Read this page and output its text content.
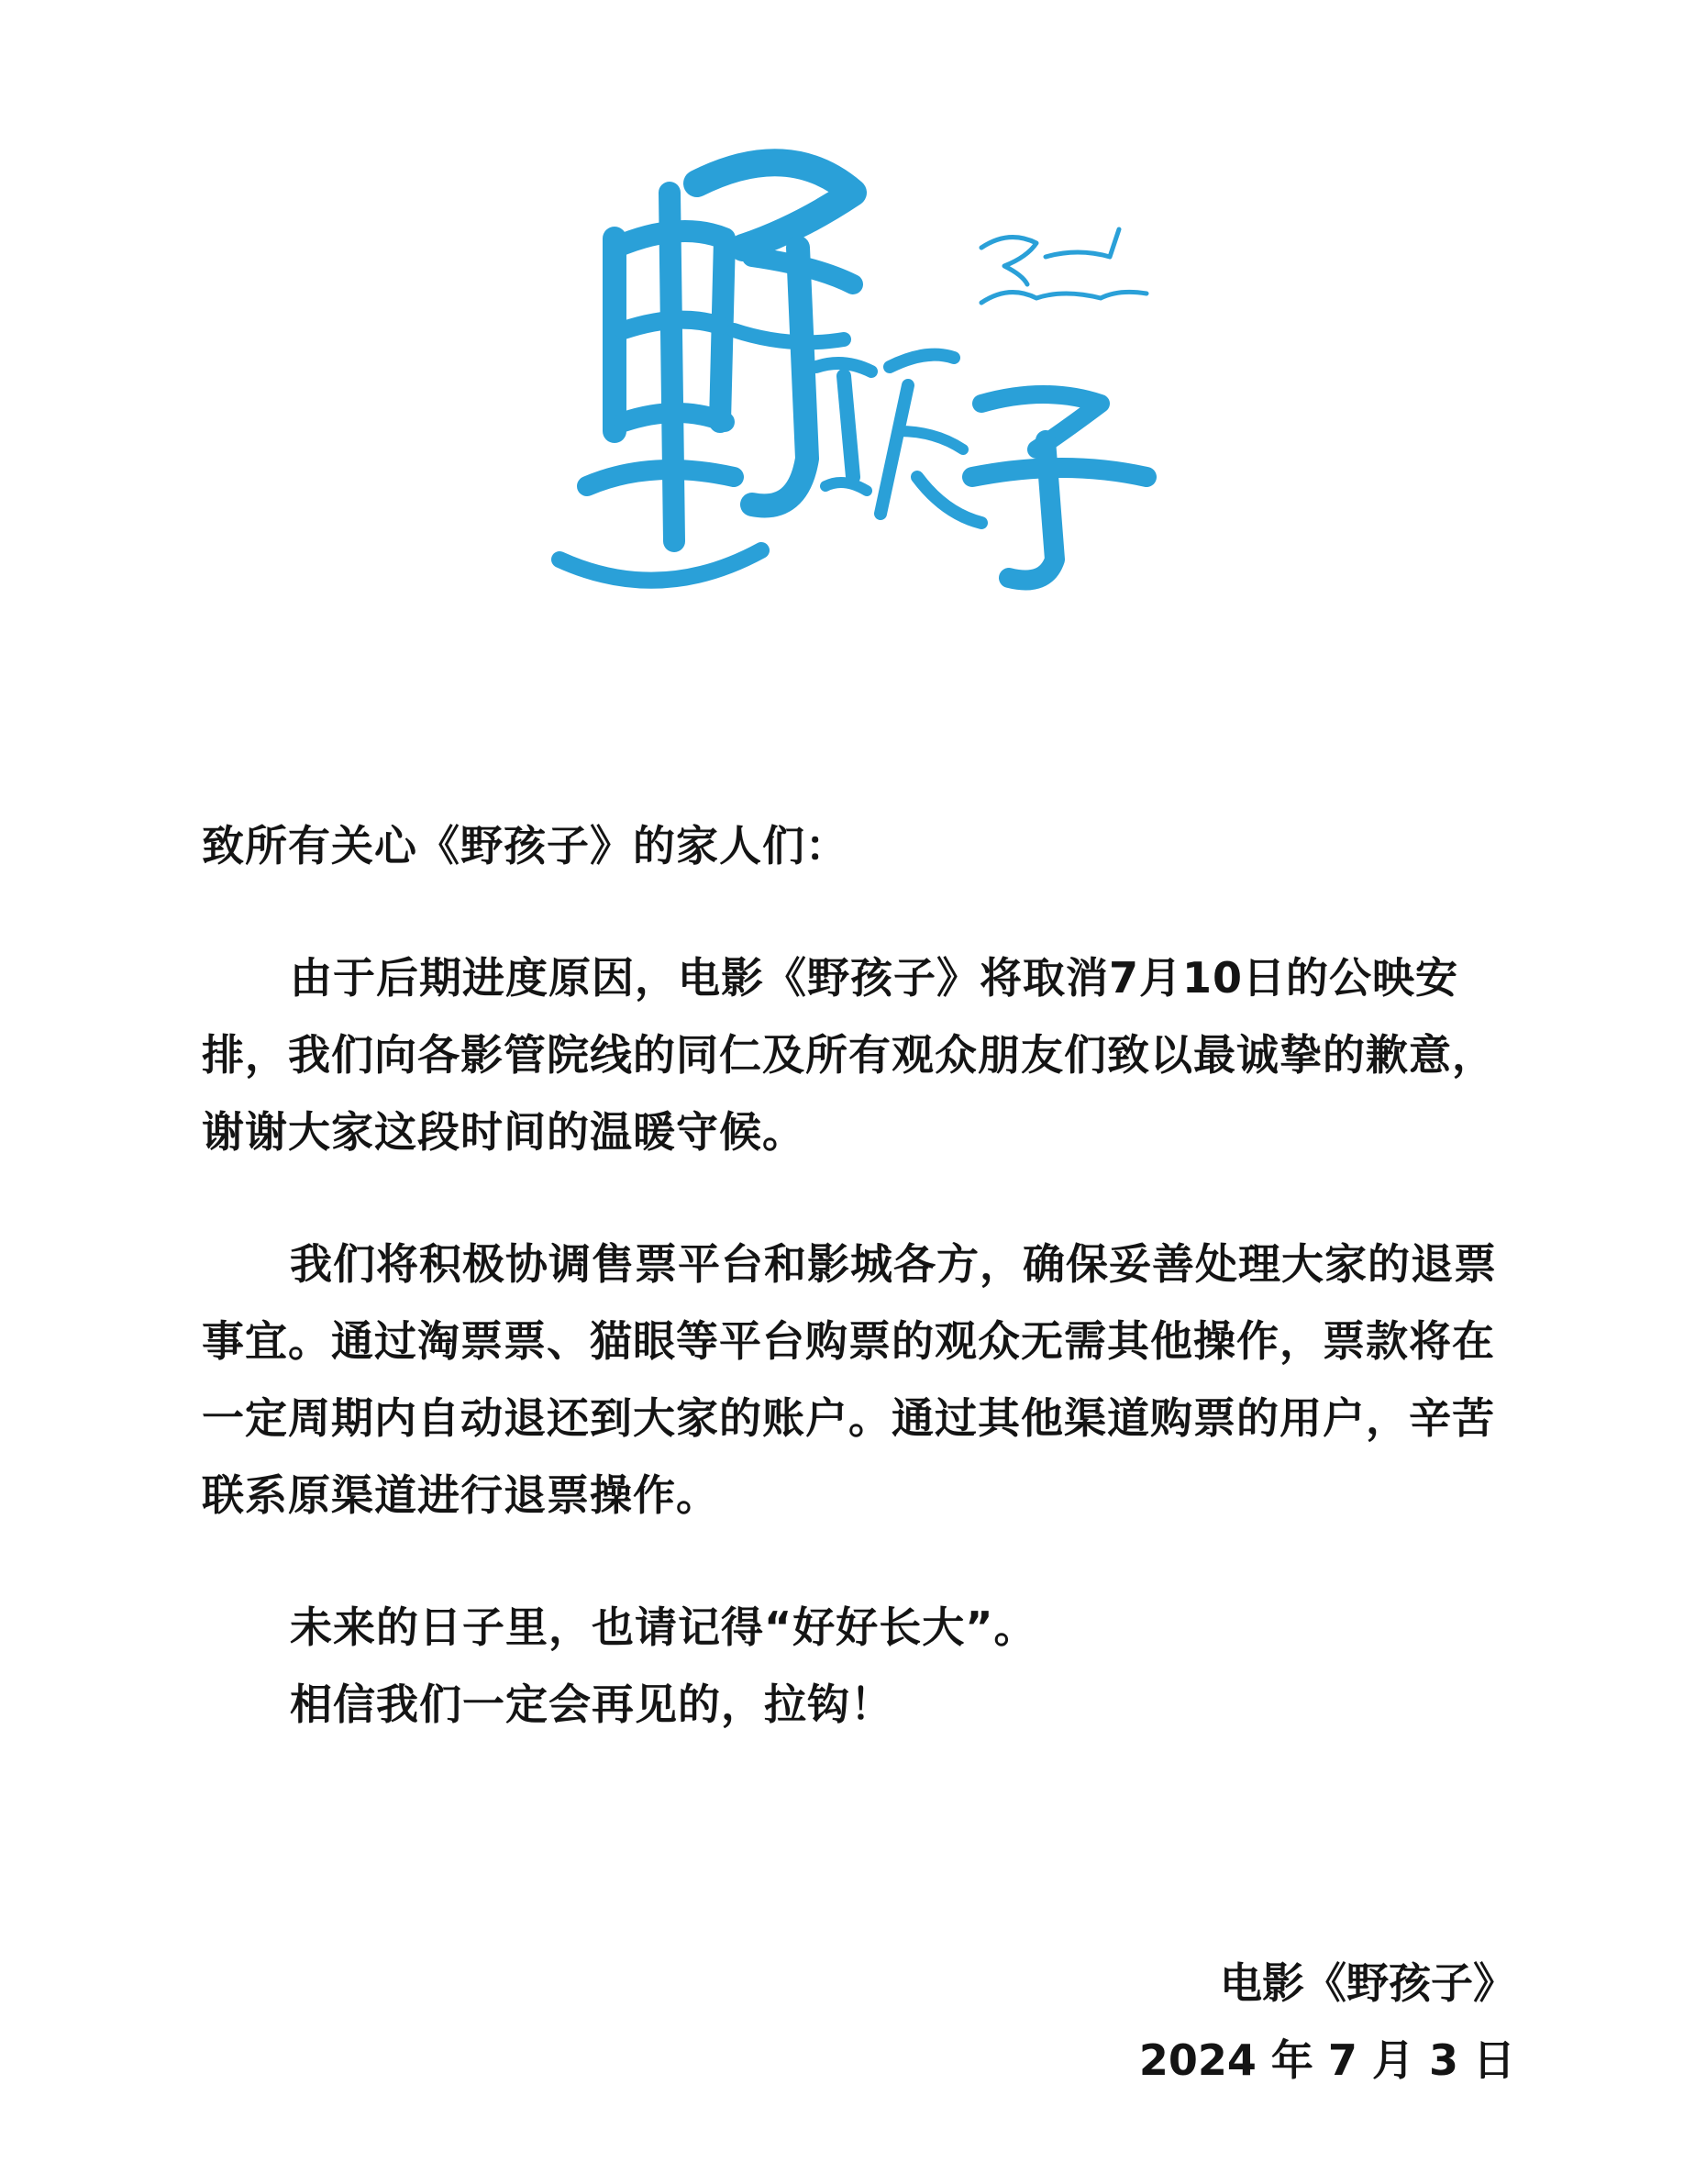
致所有关心《野孩子》的家人们：

由于后期进度原因，电影《野孩子》将取消7月10日的公映安排，我们向各影管院线的同仁及所有观众朋友们致以最诚挚的歉意，谢谢大家这段时间的温暖守候。

我们将积极协调售票平台和影城各方，确保妥善处理大家的退票事宜。通过淘票票、猫眼等平台购票的观众无需其他操作，票款将在一定周期内自动退还到大家的账户。通过其他渠道购票的用户，辛苦联系原渠道进行退票操作。

未来的日子里，也请记得“好好长大”。

相信我们一定会再见的，拉钩！

电影《野孩子》
2024 年 7 月 3 日
